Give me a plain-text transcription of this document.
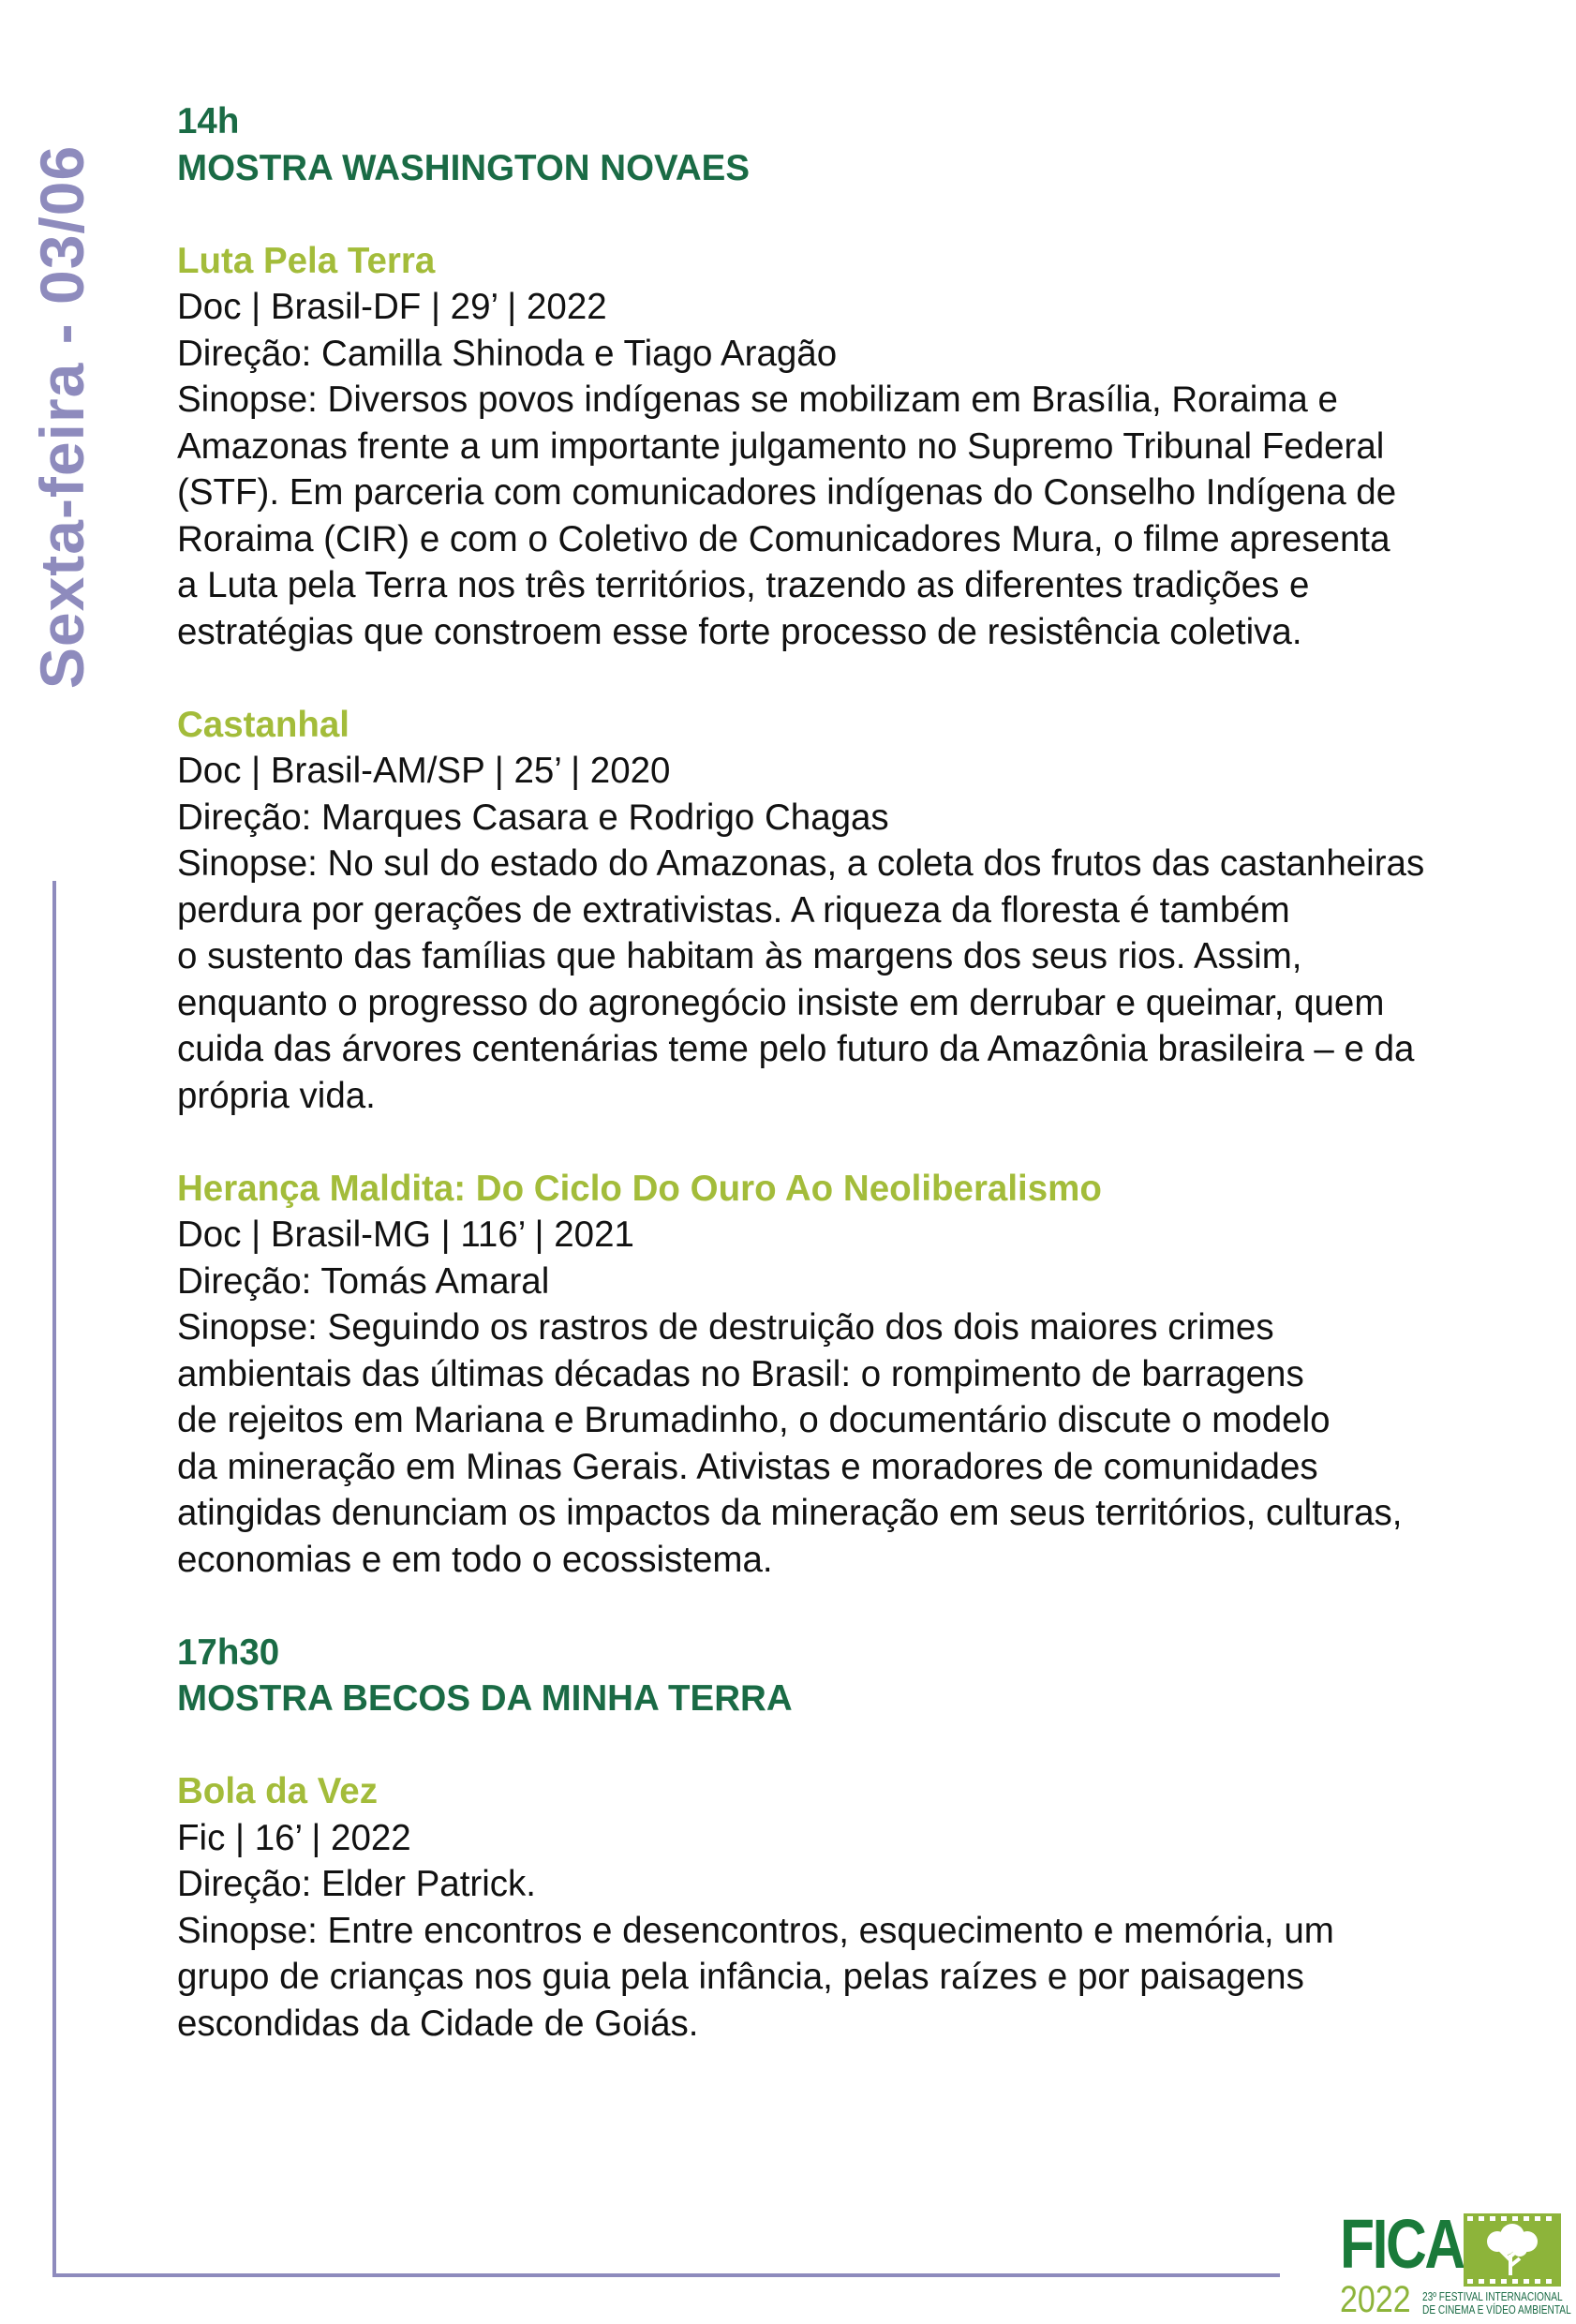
Sexta-feira - 03/06
14h
MOSTRA WASHINGTON NOVAES
Luta Pela Terra
Doc | Brasil-DF | 29’ | 2022
Direção: Camilla Shinoda e Tiago Aragão
Sinopse: Diversos povos indígenas se mobilizam em Brasília, Roraima e
Amazonas frente a um importante julgamento no Supremo Tribunal Federal
(STF). Em parceria com comunicadores indígenas do Conselho Indígena de
Roraima (CIR) e com o Coletivo de Comunicadores Mura, o filme apresenta
a Luta pela Terra nos três territórios, trazendo as diferentes tradições e
estratégias que constroem esse forte processo de resistência coletiva.
Castanhal
Doc | Brasil-AM/SP | 25’ | 2020
Direção: Marques Casara e Rodrigo Chagas
Sinopse: No sul do estado do Amazonas, a coleta dos frutos das castanheiras
perdura por gerações de extrativistas. A riqueza da floresta é também
o sustento das famílias que habitam às margens dos seus rios. Assim,
enquanto o progresso do agronegócio insiste em derrubar e queimar, quem
cuida das árvores centenárias teme pelo futuro da Amazônia brasileira – e da
própria vida.
Herança Maldita: Do Ciclo Do Ouro Ao Neoliberalismo
Doc | Brasil-MG | 116’ | 2021
Direção: Tomás Amaral
Sinopse: Seguindo os rastros de destruição dos dois maiores crimes
ambientais das últimas décadas no Brasil: o rompimento de barragens
de rejeitos em Mariana e Brumadinho, o documentário discute o modelo
da mineração em Minas Gerais. Ativistas e moradores de comunidades
atingidas denunciam os impactos da mineração em seus territórios, culturas,
economias e em todo o ecossistema.
17h30
MOSTRA BECOS DA MINHA TERRA
Bola da Vez
Fic | 16’ | 2022
Direção: Elder Patrick.
Sinopse: Entre encontros e desencontros, esquecimento e memória, um
grupo de crianças nos guia pela infância, pelas raízes e por paisagens
escondidas da Cidade de Goiás.
FICA
2022 23º FESTIVAL INTERNACIONAL
DE CINEMA E VÍDEO AMBIENTAL
